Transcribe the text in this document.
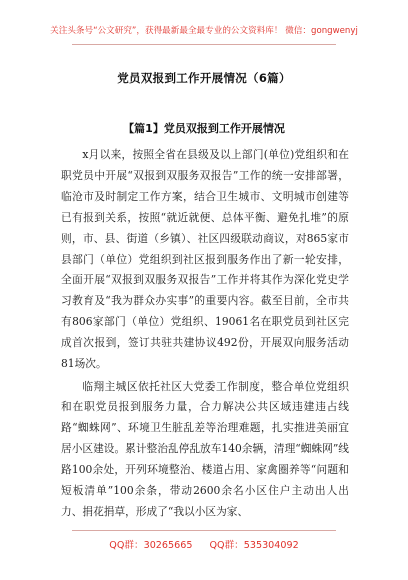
关注头条号“公文研究”，获得最新最全最专业的公文资料库！ 微信：gongwenyj
党员双报到工作开展情况（6篇）
【篇1】党员双报到工作开展情况

x月以来，按照全省在县级及以上部门(单位)党组织和在职党员中开展“双报到双服务双报告”工作的统一安排部署，临沧市及时制定工作方案，结合卫生城市、文明城市创建等已有报到关系，按照“就近就便、总体平衡、避免扎堆”的原则，市、县、街道（乡镇）、社区四级联动商议，对865家市县部门（单位）党组织到社区报到服务作出了新一轮安排，全面开展“双报到双服务双报告”工作并将其作为深化党史学习教育及“我为群众办实事”的重要内容。截至目前，全市共有806家部门（单位）党组织、19061名在职党员到社区完成首次报到，签订共驻共建协议492份，开展双向服务活动81场次。

临翔主城区依托社区大党委工作制度，整合单位党组织和在职党员报到服务力量，合力解决公共区域违建违占线路“蜘蛛网”、环境卫生脏乱差等治理难题，扎实推进美丽宜居小区建设。累计整治乱停乱放车140余辆，清理“蜘蛛网”线路100余处，开列环境整治、楼道占用、家禽圈养等“问题和短板清单”100余条，带动2600余名小区住户主动出人出力、捐花捐草，形成了“我以小区为家、

QQ群：30265665 QQ群：535304092
